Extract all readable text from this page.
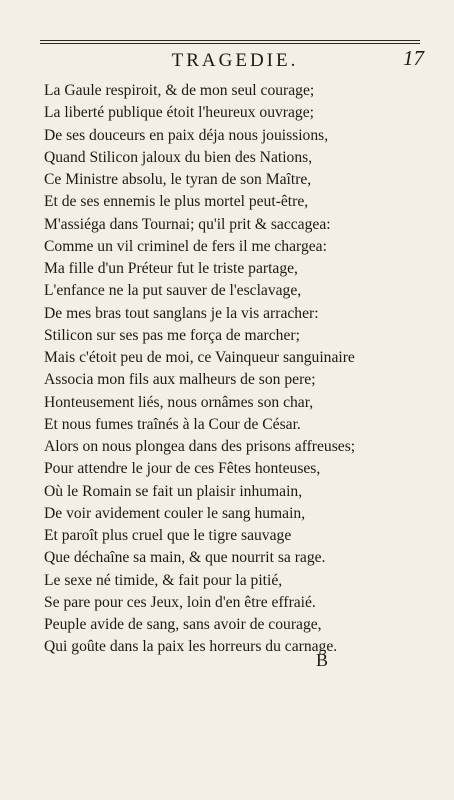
TRAGEDIE.	17
La Gaule respiroit, & de mon seul courage;
La liberté publique étoit l'heureux ouvrage;
De ses douceurs en paix déja nous jouissions,
Quand Stilicon jaloux du bien des Nations,
Ce Ministre absolu, le tyran de son Maître,
Et de ses ennemis le plus mortel peut-être,
M'assiéga dans Tournai; qu'il prit & saccagea:
Comme un vil criminel de fers il me chargea:
Ma fille d'un Préteur fut le triste partage,
L'enfance ne la put sauver de l'esclavage,
De mes bras tout sanglans je la vis arracher:
Stilicon sur ses pas me força de marcher;
Mais c'étoit peu de moi, ce Vainqueur sanguinaire
Associa mon fils aux malheurs de son pere;
Honteusement liés, nous ornâmes son char,
Et nous fumes traînés à la Cour de César.
Alors on nous plongea dans des prisons affreuses;
Pour attendre le jour de ces Fêtes honteuses,
Où le Romain se fait un plaisir inhumain,
De voir avidement couler le sang humain,
Et paroît plus cruel que le tigre sauvage
Que déchaîne sa main, & que nourrit sa rage.
Le sexe né timide, & fait pour la pitié,
Se pare pour ces Jeux, loin d'en être effraié.
Peuple avide de sang, sans avoir de courage,
Qui goûte dans la paix les horreurs du carnage.
B
